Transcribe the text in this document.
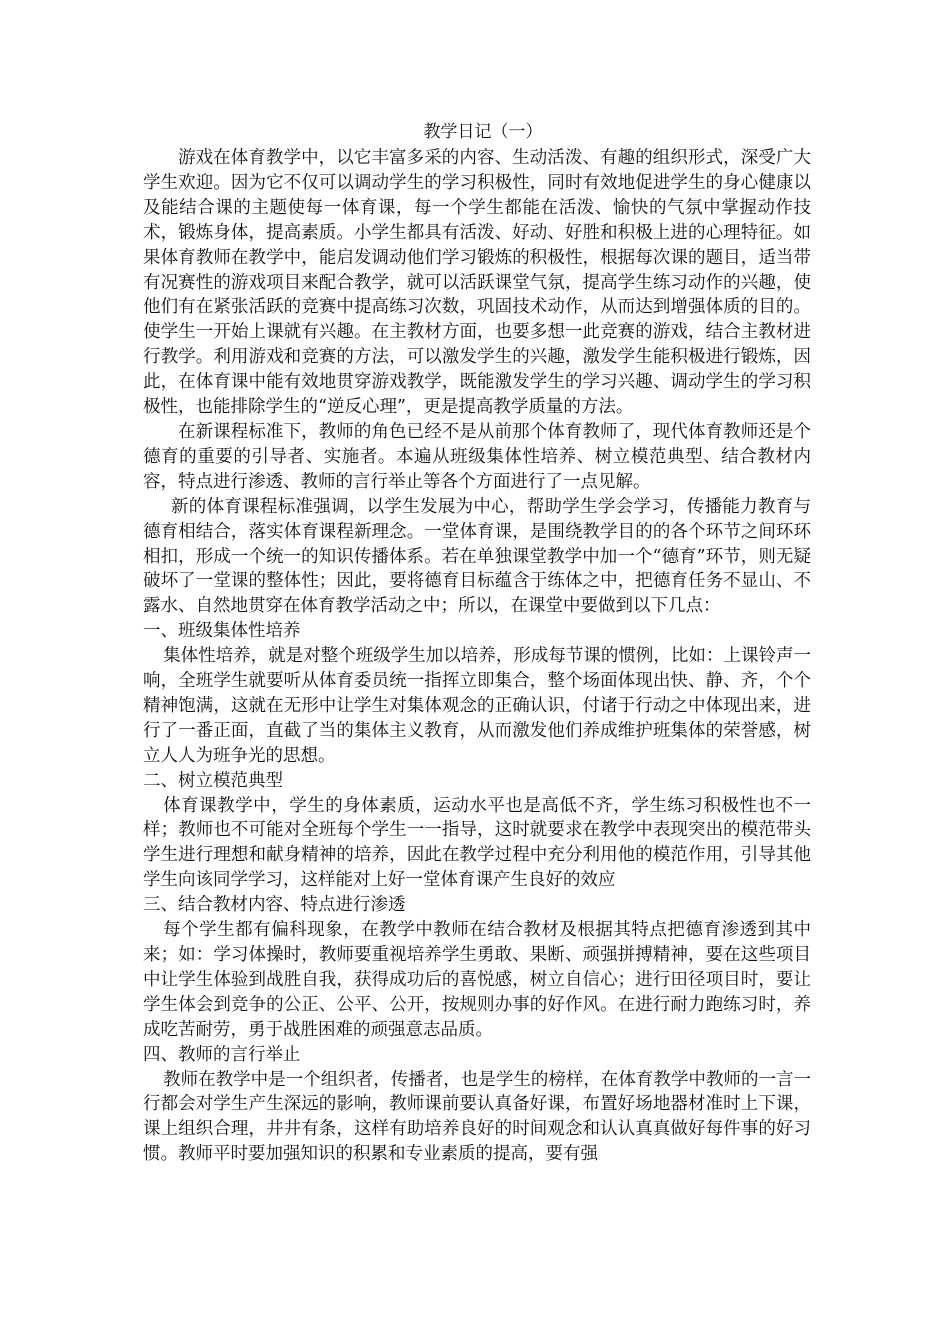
教学日记（一）

游戏在体育教学中，以它丰富多采的内容、生动活泼、有趣的组织形式，深受广大学生欢迎。因为它不仅可以调动学生的学习积极性，同时有效地促进学生的身心健康以及能结合课的主题使每一体育课，每一个学生都能在活泼、愉快的气氛中掌握动作技术，锻炼身体，提高素质。小学生都具有活泼、好动、好胜和积极上进的心理特征。如果体育教师在教学中，能启发调动他们学习锻炼的积极性，根据每次课的题目，适当带有况赛性的游戏项目来配合教学，就可以活跃课堂气氛，提高学生练习动作的兴趣，使他们有在紧张活跃的竞赛中提高练习次数，巩固技术动作，从而达到增强体质的目的。使学生一开始上课就有兴趣。在主教材方面，也要多想一此竞赛的游戏，结合主教材进行教学。利用游戏和竞赛的方法，可以激发学生的兴趣，激发学生能积极进行锻炼，因此，在体育课中能有效地贯穿游戏教学，既能激发学生的学习兴趣、调动学生的学习积极性，也能排除学生的“逆反心理”，更是提高教学质量的方法。

在新课程标准下，教师的角色已经不是从前那个体育教师了，现代体育教师还是个德育的重要的引导者、实施者。本遍从班级集体性培养、树立模范典型、结合教材内容，特点进行渗透、教师的言行举止等各个方面进行了一点见解。

新的体育课程标准强调，以学生发展为中心，帮助学生学会学习，传播能力教育与德育相结合，落实体育课程新理念。一堂体育课，是围绕教学目的的各个环节之间环环相扣，形成一个统一的知识传播体系。若在单独课堂教学中加一个“德育”环节，则无疑破坏了一堂课的整体性；因此，要将德育目标蕴含于练体之中，把德育任务不显山、不露水、自然地贯穿在体育教学活动之中；所以，在课堂中要做到以下几点：

一、班级集体性培养

集体性培养，就是对整个班级学生加以培养，形成每节课的惯例，比如：上课铃声一响，全班学生就要听从体育委员统一指挥立即集合，整个场面体现出快、静、齐，个个精神饱满，这就在无形中让学生对集体观念的正确认识，付诸于行动之中体现出来，进行了一番正面，直截了当的集体主义教育，从而激发他们养成维护班集体的荣誉感，树立人人为班争光的思想。

二、树立模范典型

体育课教学中，学生的身体素质，运动水平也是高低不齐，学生练习积极性也不一样；教师也不可能对全班每个学生一一指导，这时就要求在教学中表现突出的模范带头学生进行理想和献身精神的培养，因此在教学过程中充分利用他的模范作用，引导其他学生向该同学学习，这样能对上好一堂体育课产生良好的效应

三、结合教材内容、特点进行渗透

每个学生都有偏科现象，在教学中教师在结合教材及根据其特点把德育渗透到其中来；如：学习体操时，教师要重视培养学生勇敢、果断、顽强拼搏精神，要在这些项目中让学生体验到战胜自我，获得成功后的喜悦感，树立自信心；进行田径项目时，要让学生体会到竞争的公正、公平、公开，按规则办事的好作风。在进行耐力跑练习时，养成吃苦耐劳，勇于战胜困难的顽强意志品质。

四、教师的言行举止

教师在教学中是一个组织者，传播者，也是学生的榜样，在体育教学中教师的一言一行都会对学生产生深远的影响，教师课前要认真备好课，布置好场地器材准时上下课，课上组织合理，井井有条，这样有助培养良好的时间观念和认认真真做好每件事的好习惯。教师平时要加强知识的积累和专业素质的提高，要有强
